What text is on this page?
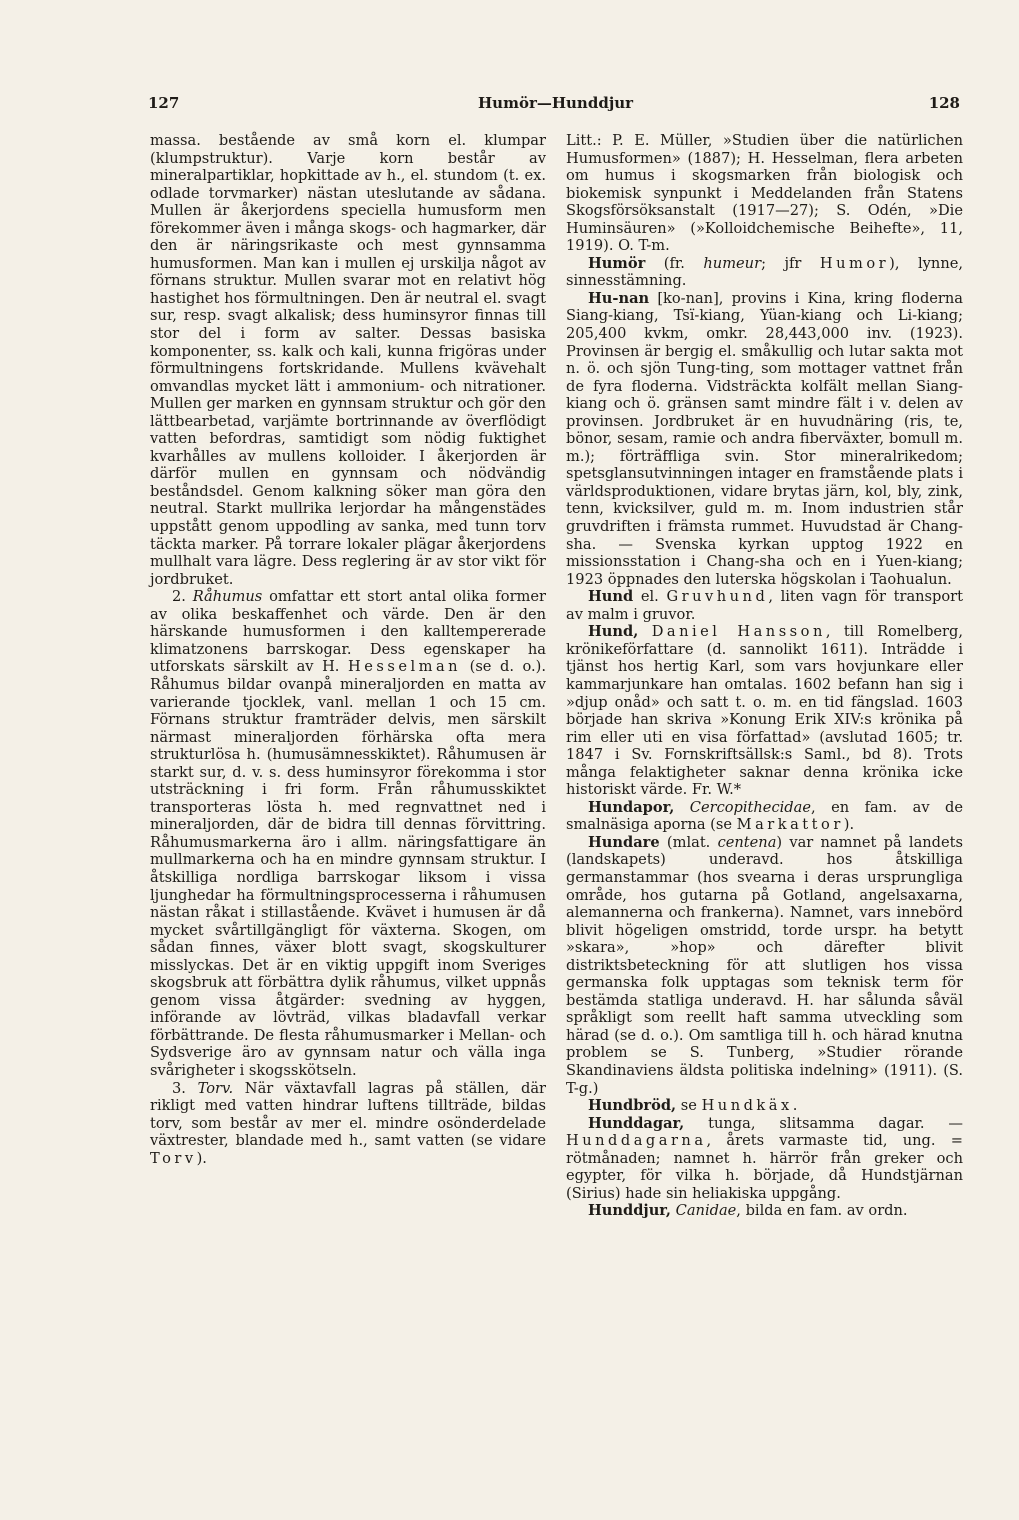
127	Humör—Hunddjur	128

massa. bestående av små korn el. klumpar (klumpstruktur). Varje korn består av mineralpartiklar, hopkittade av h., el. stundom (t. ex. odlade torvmarker) nästan uteslutande av sådana. Mullen är åkerjordens speciella humusform men förekommer även i många skogs- och hagmarker, där den är näringsrikaste och mest gynnsamma humusformen. Man kan i mullen ej urskilja något av förnans struktur. Mullen svarar mot en relativt hög hastighet hos förmultningen. Den är neutral el. svagt sur, resp. svagt alkalisk; dess huminsyror finnas till stor del i form av salter. Dessas basiska komponenter, ss. kalk och kali, kunna frigöras under förmultningens fortskridande. Mullens kvävehalt omvandlas mycket lätt i ammonium- och nitrationer. Mullen ger marken en gynnsam struktur och gör den lättbearbetad, varjämte bortrinnande av överflödigt vatten befordras, samtidigt som nödig fuktighet kvarhålles av mullens kolloider. I åkerjorden är därför mullen en gynnsam och nödvändig beståndsdel. Genom kalkning söker man göra den neutral. Starkt mullrika lerjordar ha mångenstädes uppstått genom uppodling av sanka, med tunn torv täckta marker. På torrare lokaler plägar åkerjordens mullhalt vara lägre. Dess reglering är av stor vikt för jordbruket.

2. Råhumus omfattar ett stort antal olika former av olika beskaffenhet och värde. Den är den härskande humusformen i den kalltempererade klimatzonens barrskogar. Dess egenskaper ha utforskats särskilt av H. Hesselman (se d. o.). Råhumus bildar ovanpå mineraljorden en matta av varierande tjocklek, vanl. mellan 1 och 15 cm. Förnans struktur framträder delvis, men särskilt närmast mineraljorden förhärska ofta mera strukturlösa h. (humusämnesskiktet). Råhumusen är starkt sur, d. v. s. dess huminsyror förekomma i stor utsträckning i fri form. Från råhumusskiktet transporteras lösta h. med regnvattnet ned i mineraljorden, där de bidra till dennas förvittring. Råhumusmarkerna äro i allm. näringsfattigare än mullmarkerna och ha en mindre gynnsam struktur. I åtskilliga nordliga barrskogar liksom i vissa ljunghedar ha förmultningsprocesserna i råhumusen nästan råkat i stillastående. Kvävet i humusen är då mycket svårtillgängligt för växterna. Skogen, om sådan finnes, växer blott svagt, skogskulturer misslyckas. Det är en viktig uppgift inom Sveriges skogsbruk att förbättra dylik råhumus, vilket uppnås genom vissa åtgärder: svedning av hyggen, införande av lövträd, vilkas bladavfall verkar förbättrande. De flesta råhumusmarker i Mellan- och Sydsverige äro av gynnsam natur och välla inga svårigheter i skogsskötseln.

3. Torv. När växtavfall lagras på ställen, där rikligt med vatten hindrar luftens tillträde, bildas torv, som består av mer el. mindre osönderdelade växtrester, blandade med h., samt vatten (se vidare Torv).

Litt.: P. E. Müller, »Studien über die natürlichen Humusformen» (1887); H. Hesselman, flera arbeten om humus i skogsmarken från biologisk och biokemisk synpunkt i Meddelanden från Statens Skogsförsöksanstalt (1917—27); S. Odén, »Die Huminsäuren» (»Kolloidchemische Beihefte», 11, 1919). O. T-m.

Humör (fr. humeur; jfr Humor), lynne, sinnesstämning.

Hu-nan [ko-nan], provins i Kina, kring floderna Siang-kiang, Tsï-kiang, Yüan-kiang och Li-kiang; 205,400 kvkm, omkr. 28,443,000 inv. (1923). Provinsen är bergig el. småkullig och lutar sakta mot n. ö. och sjön Tung-ting, som mottager vattnet från de fyra floderna. Vidsträckta kolfält mellan Siang-kiang och ö. gränsen samt mindre fält i v. delen av provinsen. Jordbruket är en huvudnäring (ris, te, bönor, sesam, ramie och andra fiberväxter, bomull m. m.); förträffliga svin. Stor mineralrikedom; spetsglansutvinningen intager en framstående plats i världsproduktionen, vidare brytas järn, kol, bly, zink, tenn, kvicksilver, guld m. m. Inom industrien står gruvdriften i främsta rummet. Huvudstad är Chang-sha. — Svenska kyrkan upptog 1922 en missionsstation i Chang-sha och en i Yuen-kiang; 1923 öppnades den luterska högskolan i Taohualun.

Hund el. Gruvhund, liten vagn för transport av malm i gruvor.

Hund, Daniel Hansson, till Romelberg, krönikeförfattare (d. sannolikt 1611). Inträdde i tjänst hos hertig Karl, som vars hovjunkare eller kammarjunkare han omtalas. 1602 befann han sig i »djup onåd» och satt t. o. m. en tid fängslad. 1603 började han skriva »Konung Erik XIV:s krönika på rim eller uti en visa författad» (avslutad 1605; tr. 1847 i Sv. Fornskriftsällsk:s Saml., bd 8). Trots många felaktigheter saknar denna krönika icke historiskt värde. Fr. W.*

Hundapor, Cercopithecidae, en fam. av de smalnäsiga aporna (se Markattor).

Hundare (mlat. centena) var namnet på landets (landskapets) underavd. hos åtskilliga germanstammar (hos svearna i deras ursprungliga område, hos gutarna på Gotland, angelsaxarna, alemannerna och frankerna). Namnet, vars innebörd blivit högeligen omstridd, torde urspr. ha betytt »skara», »hop» och därefter blivit distriktsbeteckning för att slutligen hos vissa germanska folk upptagas som teknisk term för bestämda statliga underavd. H. har sålunda såväl språkligt som reellt haft samma utveckling som härad (se d. o.). Om samtliga till h. och härad knutna problem se S. Tunberg, »Studier rörande Skandinaviens äldsta politiska indelning» (1911). (S. T-g.)

Hundbröd, se Hundkäx.

Hunddagar, tunga, slitsamma dagar. — Hunddagarna, årets varmaste tid, ung. = rötmånaden; namnet h. härrör från greker och egypter, för vilka h. började, då Hundstjärnan (Sirius) hade sin heliakiska uppgång.

Hunddjur, Canidae, bilda en fam. av ordn.
